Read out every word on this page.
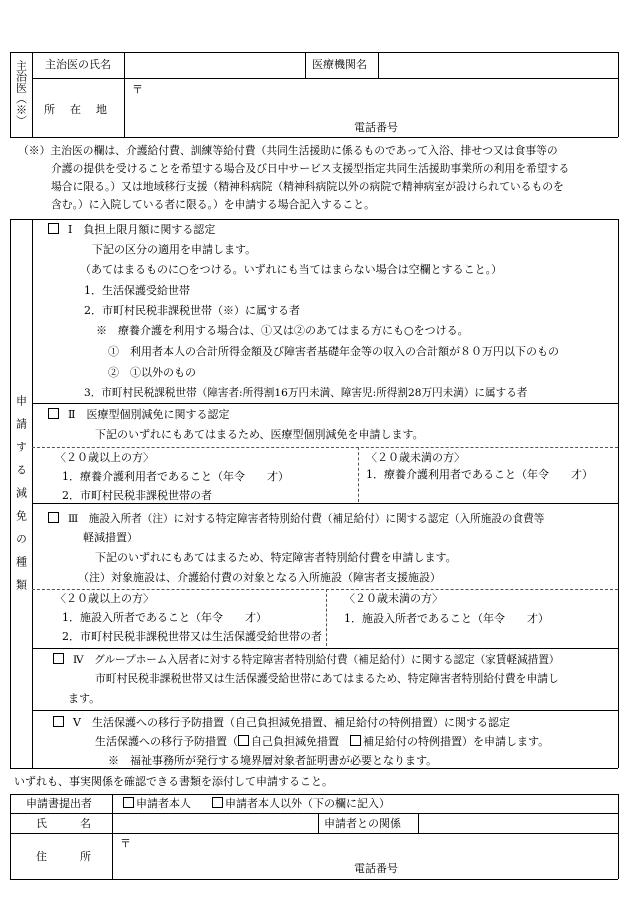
主治医（※） 主治医の氏名	医療機関名
所　在　地
〒
電話番号
（※）主治医の欄は、介護給付費、訓練等給付費（共同生活援助に係るものであって入浴、排せつ又は食事等の
介護の提供を受けることを希望する場合及び日中サービス支援型指定共同生活援助事業所の利用を希望する
場合に限る。）又は地域移行支援（精神科病院（精神科病院以外の病院で精神病室が設けられているものを
含む。）に入院している者に限る。）を申請する場合記入すること。
申請する減免の種類
Ⅰ　負担上限月額に関する認定
下記の区分の適用を申請します。
（あてはまるものに○をつける。いずれにも当てはまらない場合は空欄とすること。）
1．生活保護受給世帯
2．市町村民税非課税世帯（※）に属する者
※　療養介護を利用する場合は、①又は②のあてはまる方にも○をつける。
①　利用者本人の合計所得金額及び障害者基礎年金等の収入の合計額が８０万円以下のもの
②　①以外のもの
3．市町村民税課税世帯（障害者:所得割16万円未満、障害児:所得割28万円未満）に属する者
Ⅱ　医療型個別減免に関する認定
下記のいずれにもあてはまるため、医療型個別減免を申請します。
〈２０歳以上の方〉
1．療養介護利用者であること（年令　　才）
2．市町村民税非課税世帯の者
〈２０歳未満の方〉
1．療養介護利用者であること（年令　　才）
Ⅲ　施設入所者（注）に対する特定障害者特別給付費（補足給付）に関する認定（入所施設の食費等
軽減措置）
下記のいずれにもあてはまるため、特定障害者特別給付費を申請します。
（注）対象施設は、介護給付費の対象となる入所施設（障害者支援施設）
〈２０歳以上の方〉
1．施設入所者であること（年令　　才）
2．市町村民税非課税世帯又は生活保護受給世帯の者
〈２０歳未満の方〉
1．施設入所者であること（年令　　才）
Ⅳ　グループホーム入居者に対する特定障害者特別給付費（補足給付）に関する認定（家賃軽減措置）
市町村民税非課税世帯又は生活保護受給世帯にあてはまるため、特定障害者特別給付費を申請し
ます。
Ⅴ　生活保護への移行予防措置（自己負担減免措置、補足給付の特例措置）に関する認定
生活保護への移行予防措置（ 自己負担減免措置　補足給付の特例措置）を申請します。
※　福祉事務所が発行する境界層対象者証明書が必要となります。
いずれも、事実関係を確認できる書類を添付して申請すること。
申請書提出者	申請者本人	申請者本人以外（下の欄に記入）
氏　　　名	申請者との関係
住　　　所
〒
電話番号
